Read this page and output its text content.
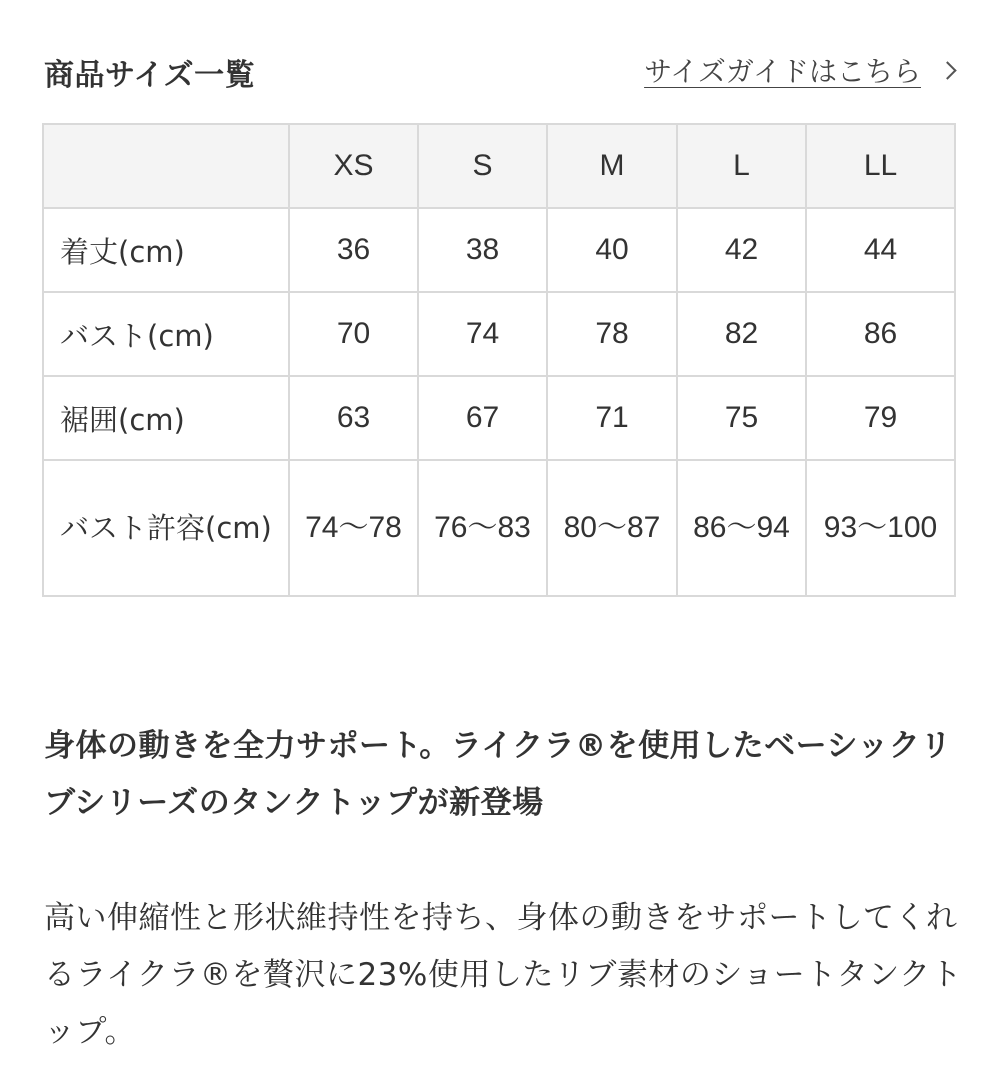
商品サイズ一覧	サイズガイドはこちら
	XS	S	M	L	LL
着丈(cm)	36	38	40	42	44
バスト(cm)	70	74	78	82	86
裾囲(cm)	63	67	71	75	79
バスト許容(cm)	74〜78	76〜83	80〜87	86〜94	93〜100
身体の動きを全力サポート。ライクラ®を使用したベーシックリブシリーズのタンクトップが新登場
高い伸縮性と形状維持性を持ち、身体の動きをサポートしてくれるライクラ®を贅沢に23%使用したリブ素材のショートタンクトップ。
